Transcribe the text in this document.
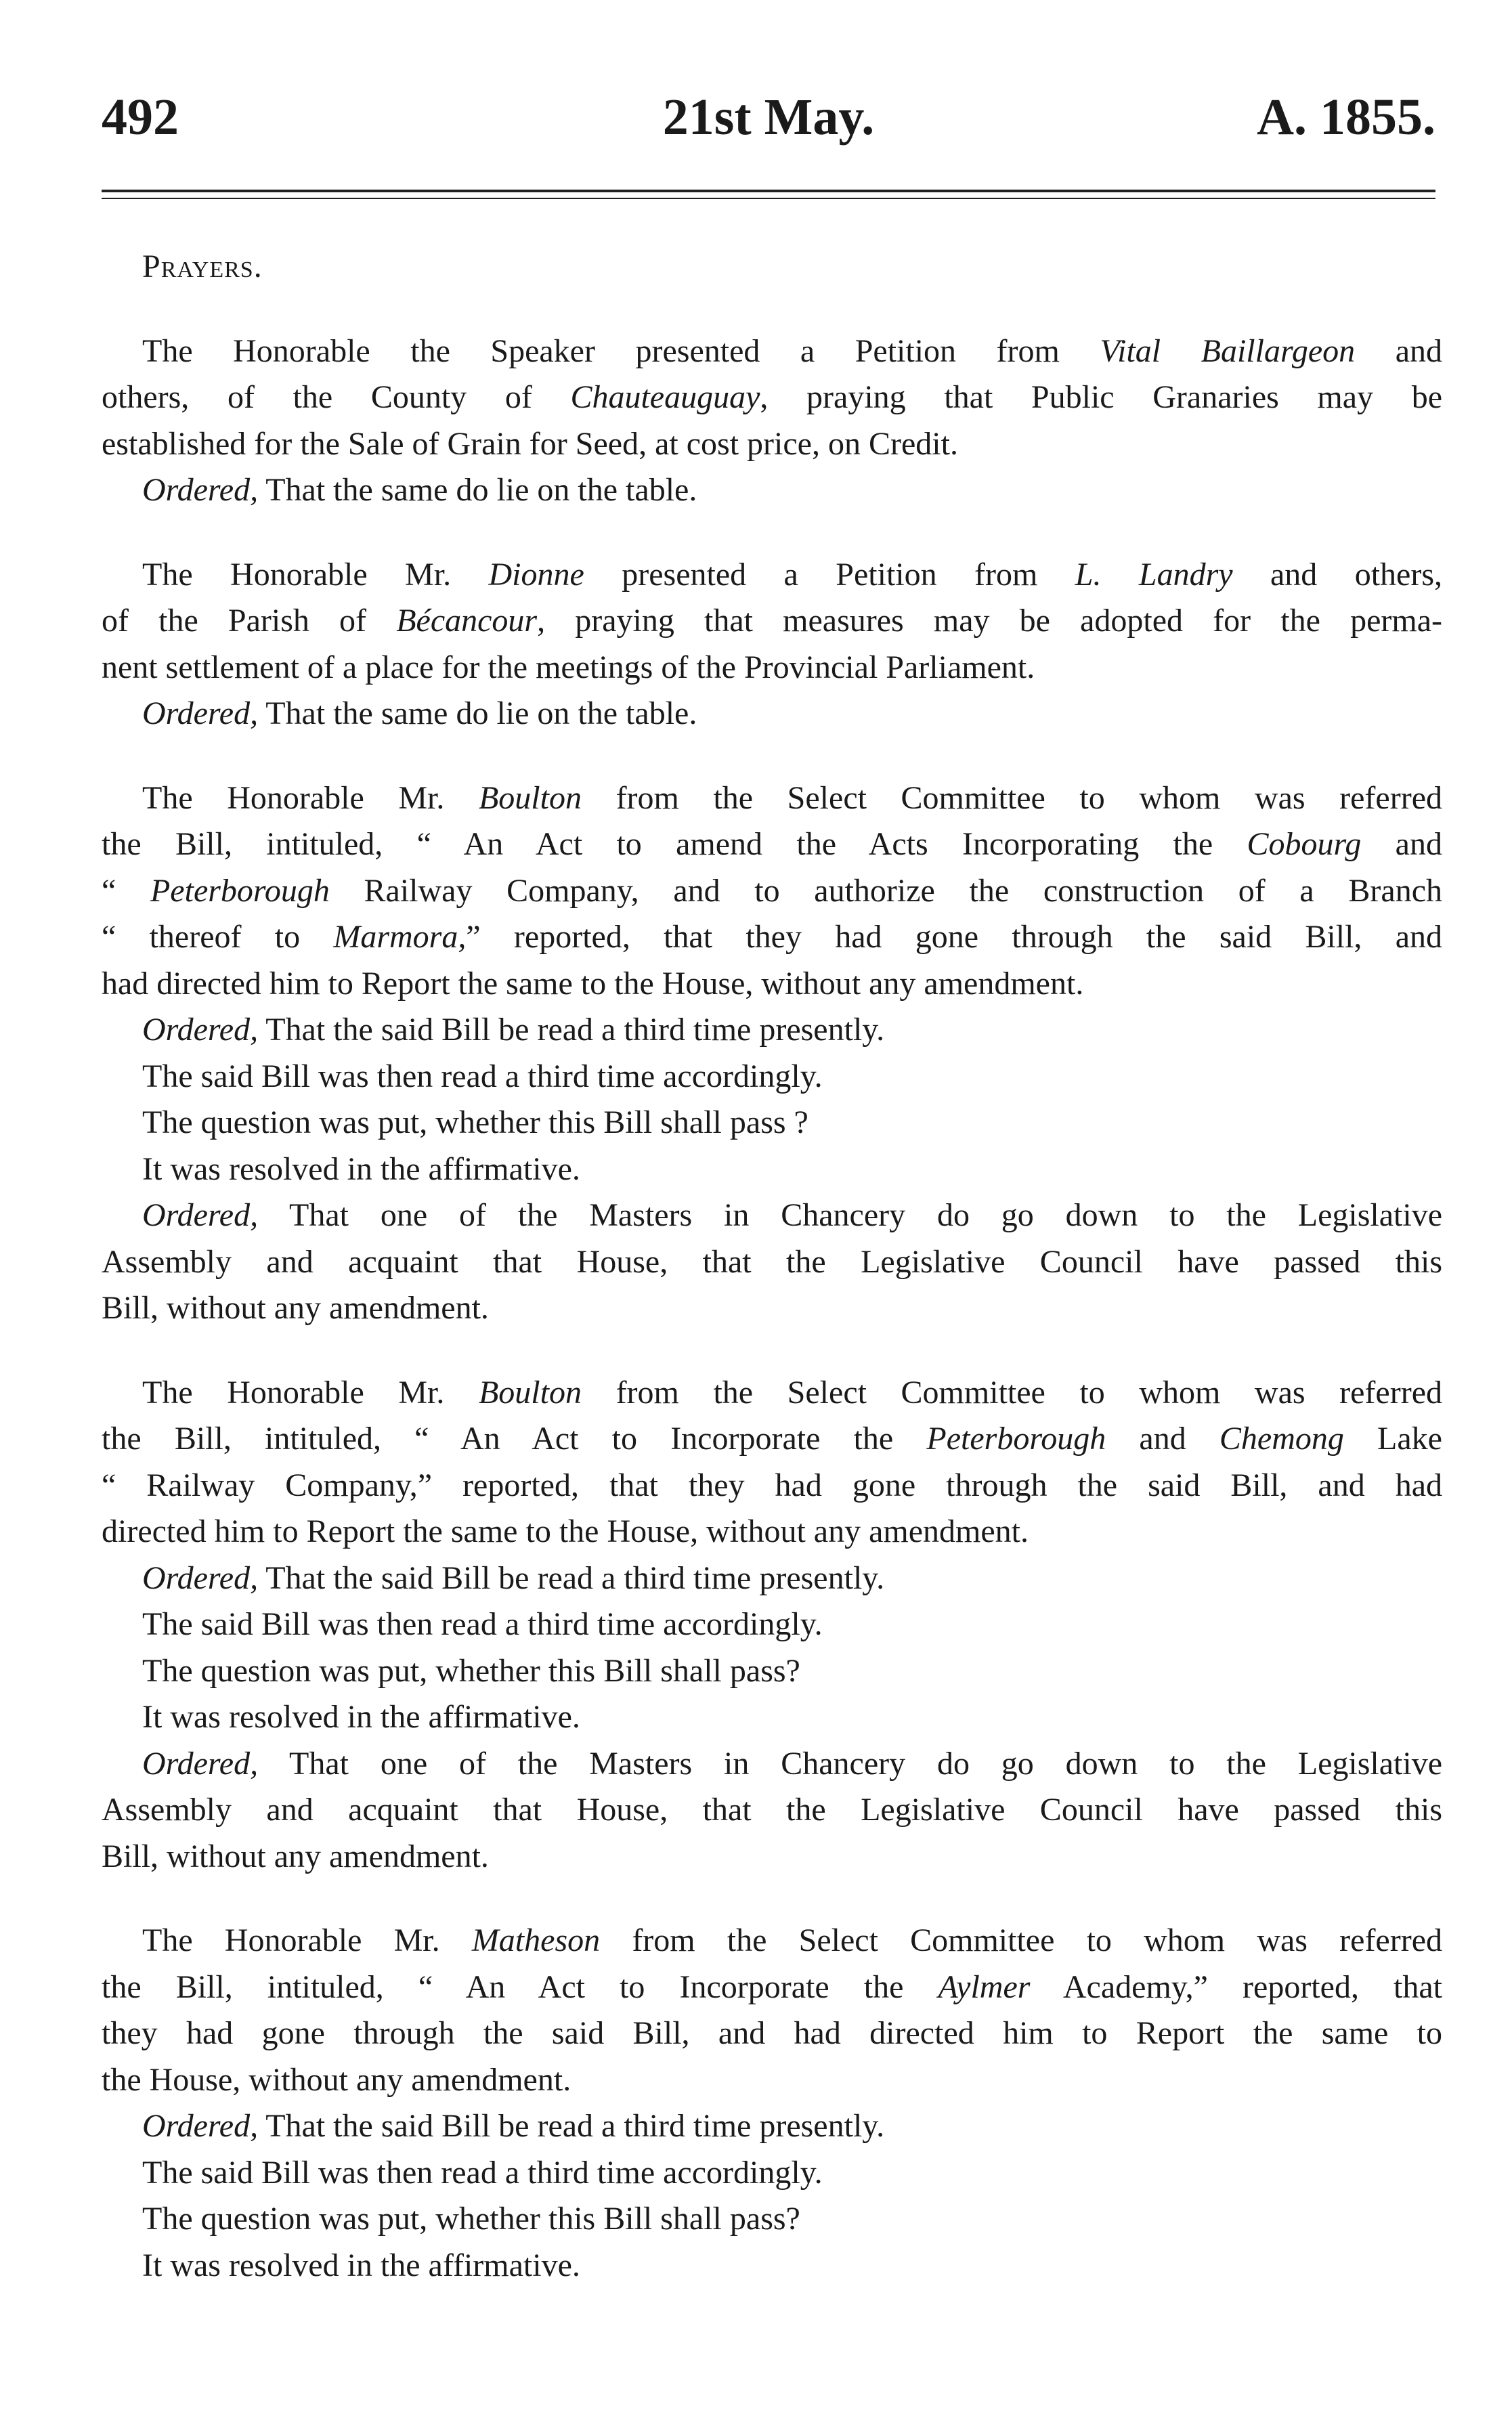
21st May.
492	A. 1855.
Prayers.
The Honorable the Speaker presented a Petition from Vital Baillargeon and
others, of the County of Chauteauguay, praying that Public Granaries may be
established for the Sale of Grain for Seed, at cost price, on Credit.
Ordered, That the same do lie on the table.
The Honorable Mr. Dionne presented a Petition from L. Landry and others,
of the Parish of Bécancour, praying that measures may be adopted for the perma-
nent settlement of a place for the meetings of the Provincial Parliament.
Ordered, That the same do lie on the table.
The Honorable Mr. Boulton from the Select Committee to whom was referred
the Bill, intituled, “ An Act to amend the Acts Incorporating the Cobourg and
“ Peterborough Railway Company, and to authorize the construction of a Branch
“ thereof to Marmora,” reported, that they had gone through the said Bill, and
had directed him to Report the same to the House, without any amendment.
Ordered, That the said Bill be read a third time presently.
The said Bill was then read a third time accordingly.
The question was put, whether this Bill shall pass ?
It was resolved in the affirmative.
Ordered, That one of the Masters in Chancery do go down to the Legislative
Assembly and acquaint that House, that the Legislative Council have passed this
Bill, without any amendment.
The Honorable Mr. Boulton from the Select Committee to whom was referred
the Bill, intituled, “ An Act to Incorporate the Peterborough and Chemong Lake
“ Railway Company,” reported, that they had gone through the said Bill, and had
directed him to Report the same to the House, without any amendment.
Ordered, That the said Bill be read a third time presently.
The said Bill was then read a third time accordingly.
The question was put, whether this Bill shall pass?
It was resolved in the affirmative.
Ordered, That one of the Masters in Chancery do go down to the Legislative
Assembly and acquaint that House, that the Legislative Council have passed this
Bill, without any amendment.
The Honorable Mr. Matheson from the Select Committee to whom was referred
the Bill, intituled, “ An Act to Incorporate the Aylmer Academy,” reported, that
they had gone through the said Bill, and had directed him to Report the same to
the House, without any amendment.
Ordered, That the said Bill be read a third time presently.
The said Bill was then read a third time accordingly.
The question was put, whether this Bill shall pass?
It was resolved in the affirmative.
